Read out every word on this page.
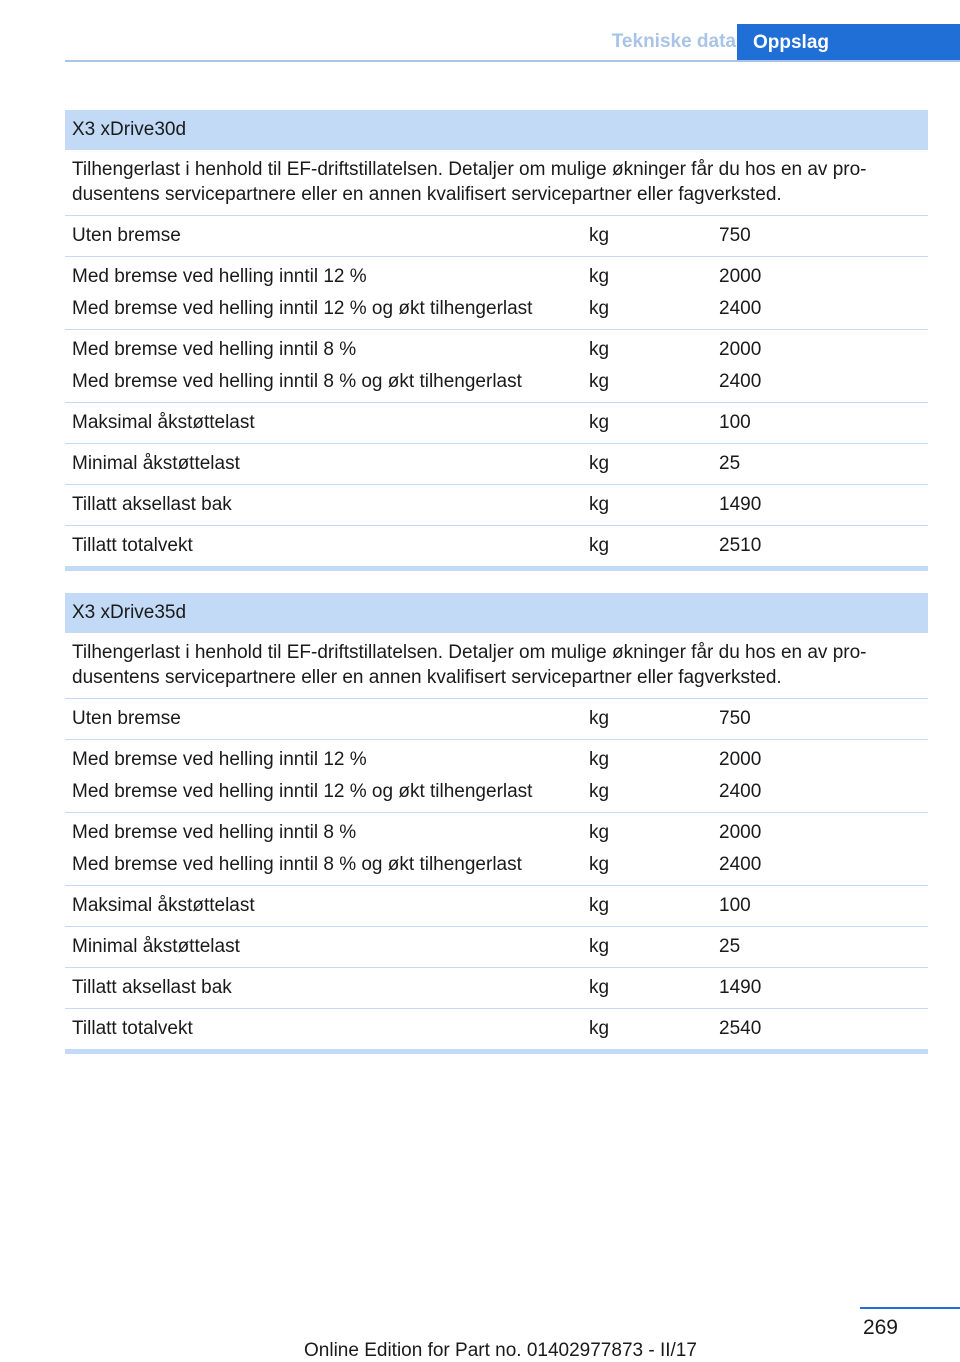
Tekniske data Oppslag
X3 xDrive30d
Tilhengerlast i henhold til EF-driftstillatelsen. Detaljer om mulige økninger får du hos en av pro-dusentens servicepartnere eller en annen kvalifisert servicepartner eller fagverksted.
Uten bremse	kg	750
Med bremse ved helling inntil 12 %	kg	2000
Med bremse ved helling inntil 12 % og økt tilhengerlast	kg	2400
Med bremse ved helling inntil 8 %	kg	2000
Med bremse ved helling inntil 8 % og økt tilhengerlast	kg	2400
Maksimal åkstøttelast	kg	100
Minimal åkstøttelast	kg	25
Tillatt aksellast bak	kg	1490
Tillatt totalvekt	kg	2510
X3 xDrive35d
Tilhengerlast i henhold til EF-driftstillatelsen. Detaljer om mulige økninger får du hos en av pro-dusentens servicepartnere eller en annen kvalifisert servicepartner eller fagverksted.
Uten bremse	kg	750
Med bremse ved helling inntil 12 %	kg	2000
Med bremse ved helling inntil 12 % og økt tilhengerlast	kg	2400
Med bremse ved helling inntil 8 %	kg	2000
Med bremse ved helling inntil 8 % og økt tilhengerlast	kg	2400
Maksimal åkstøttelast	kg	100
Minimal åkstøttelast	kg	25
Tillatt aksellast bak	kg	1490
Tillatt totalvekt	kg	2540
269
Online Edition for Part no. 01402977873 - II/17
